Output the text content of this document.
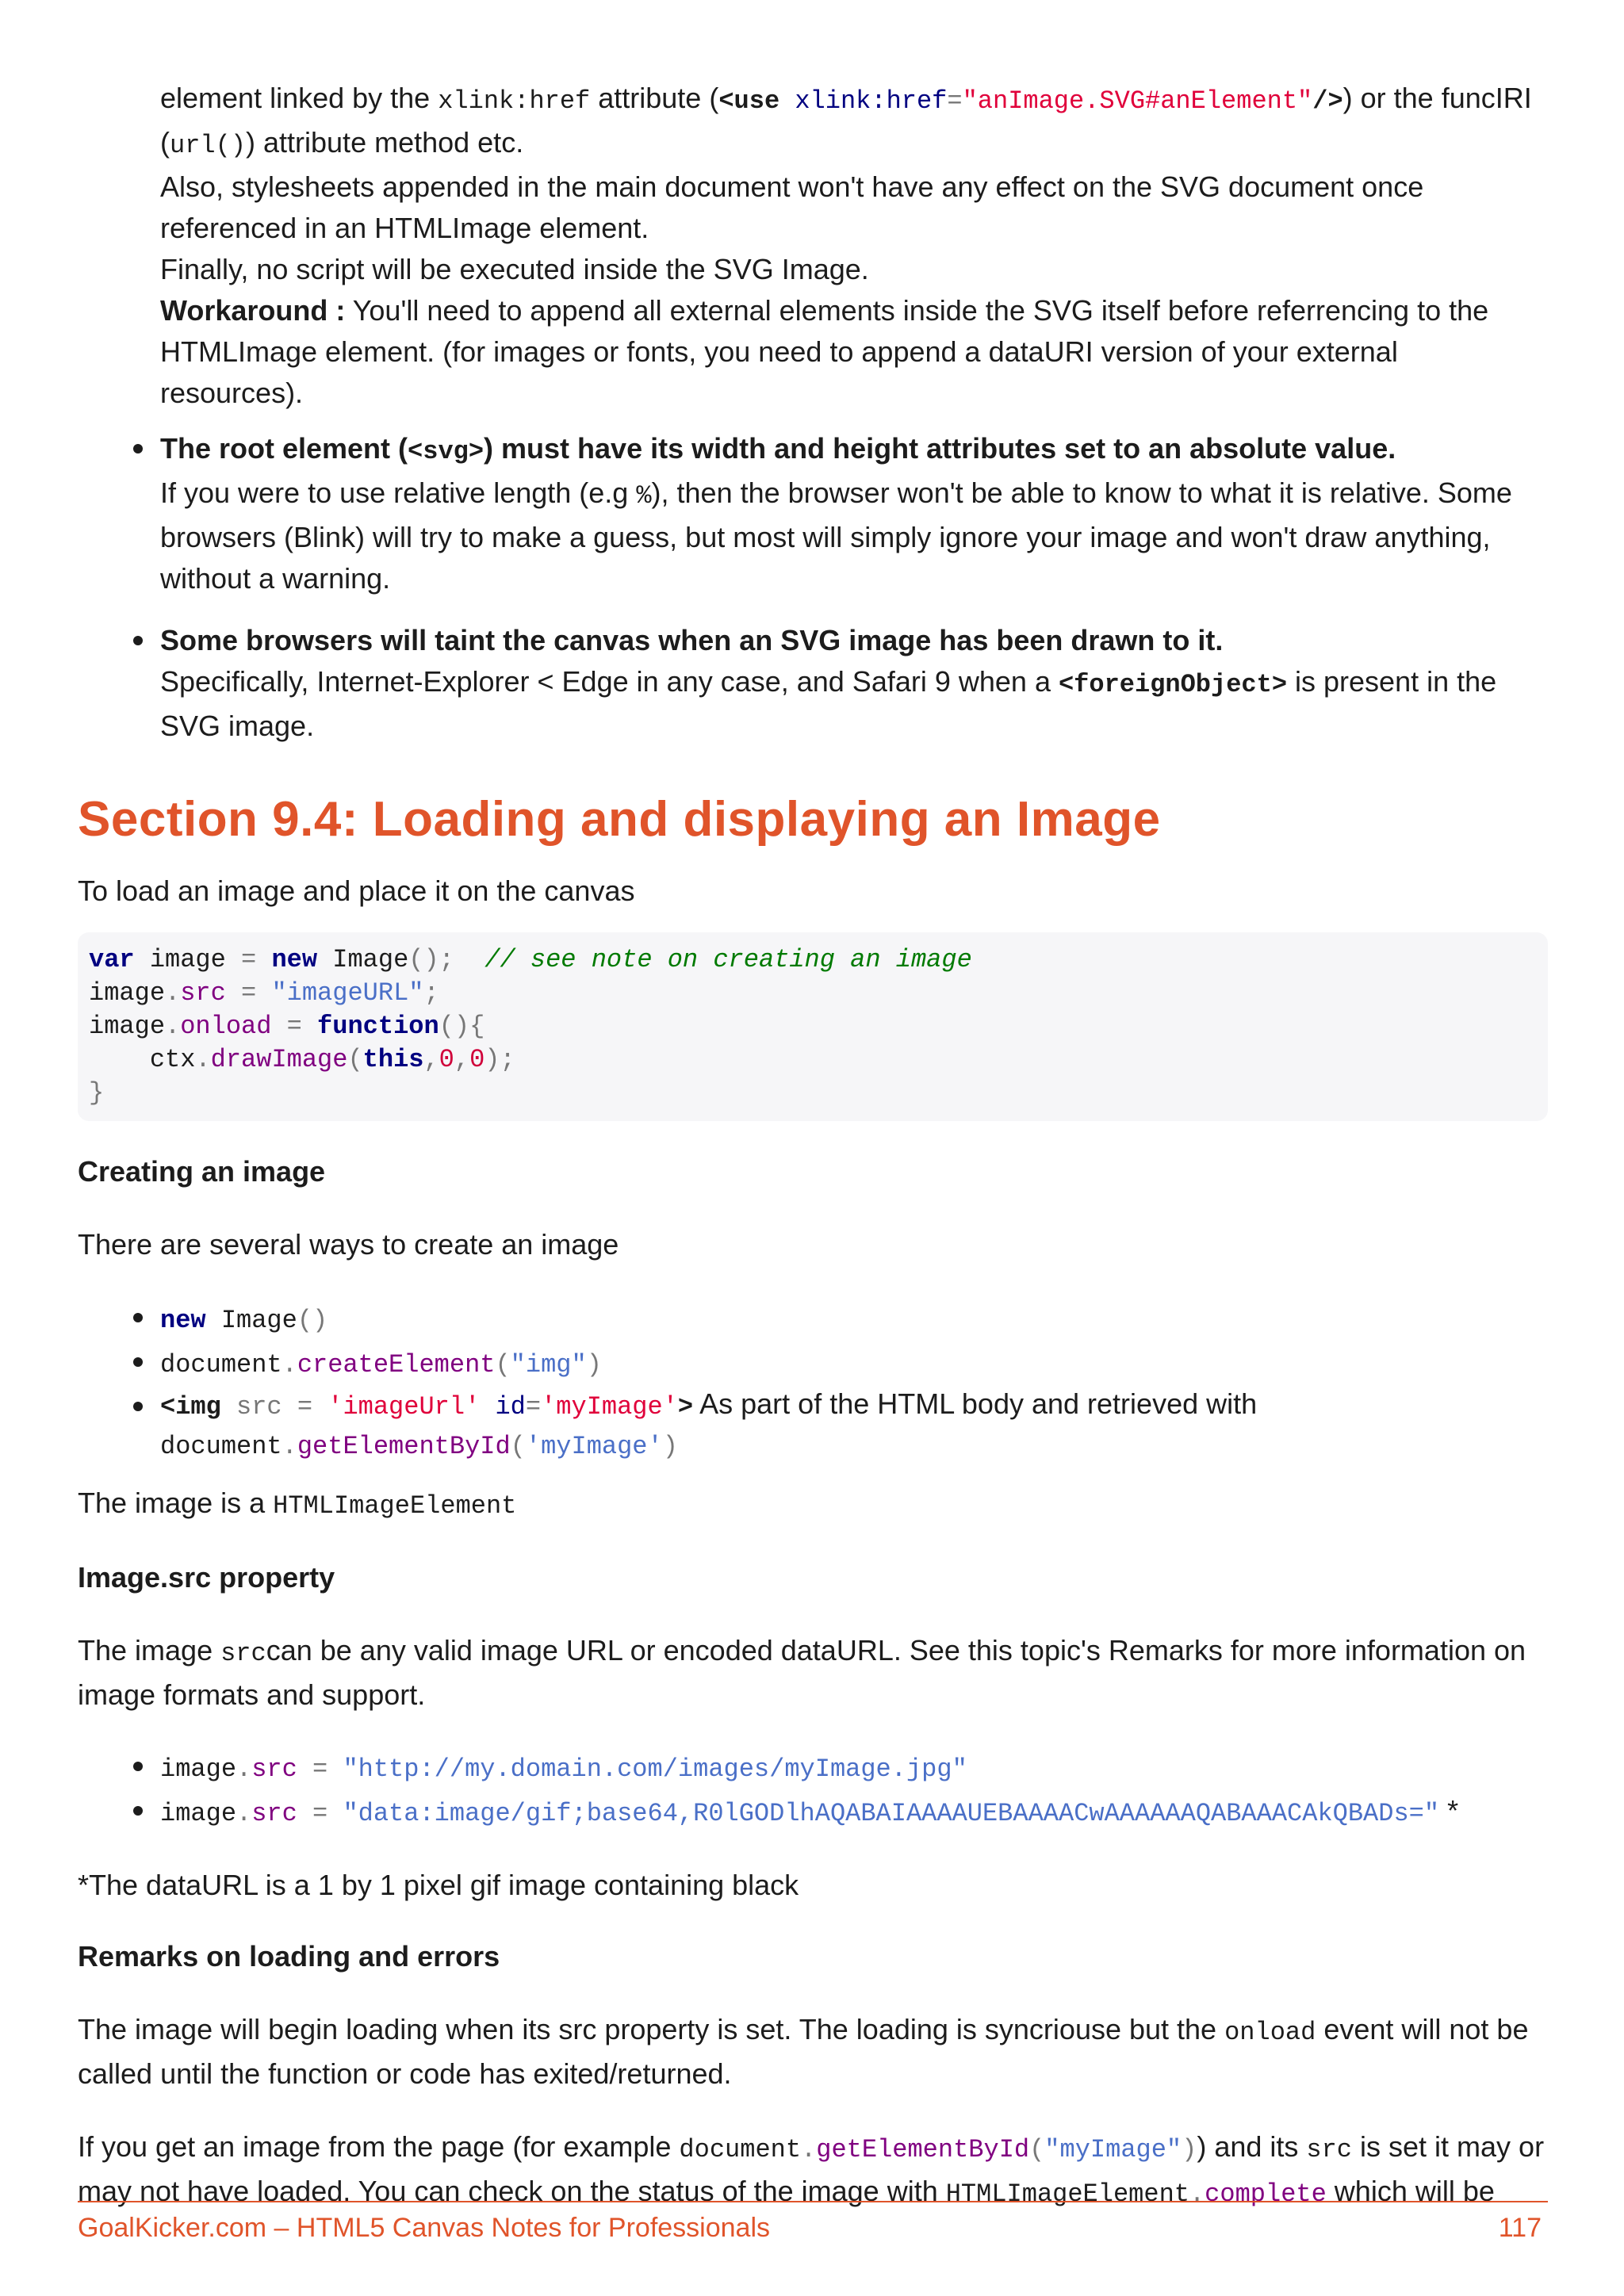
element linked by the xlink:href attribute (<use xlink:href="anImage.SVG#anElement"/>) or the funcIRI

(url()) attribute method etc.

Also, stylesheets appended in the main document won't have any effect on the SVG document once referenced in an HTMLImage element.

Finally, no script will be executed inside the SVG Image.

Workaround : You'll need to append all external elements inside the SVG itself before referrencing to the HTMLImage element. (for images or fonts, you need to append a dataURI version of your external resources).

The root element (<svg>) must have its width and height attributes set to an absolute value.

If you were to use relative length (e.g %), then the browser won't be able to know to what it is relative. Some browsers (Blink) will try to make a guess, but most will simply ignore your image and won't draw anything, without a warning.

Some browsers will taint the canvas when an SVG image has been drawn to it.

Specifically, Internet-Explorer < Edge in any case, and Safari 9 when a <foreignObject> is present in the SVG image.

Section 9.4: Loading and displaying an Image

To load an image and place it on the canvas

var image = new Image();  // see note on creating an image
image.src = "imageURL";
image.onload = function(){
ctx.drawImage(this,0,0);
}
Creating an image

There are several ways to create an image

new Image()
document.createElement("img")
<img src = 'imageUrl' id='myImage'> As part of the HTML body and retrieved with
document.getElementById('myImage')

The image is a HTMLImageElement

Image.src property

The image srccan be any valid image URL or encoded dataURL. See this topic's Remarks for more information on image formats and support.

image.src = "http://my.domain.com/images/myImage.jpg"
image.src = "data:image/gif;base64,R0lGODlhAQABAIAAAAUEBAAAACwAAAAAAQABAAACAkQBADs=" *

*The dataURL is a 1 by 1 pixel gif image containing black

Remarks on loading and errors

The image will begin loading when its src property is set. The loading is syncriouse but the onload event will not be called until the function or code has exited/returned.

If you get an image from the page (for example document.getElementById("myImage")) and its src is set it may or may not have loaded. You can check on the status of the image with HTMLImageElement.complete which will be

GoalKicker.com – HTML5 Canvas Notes for Professionals	117
